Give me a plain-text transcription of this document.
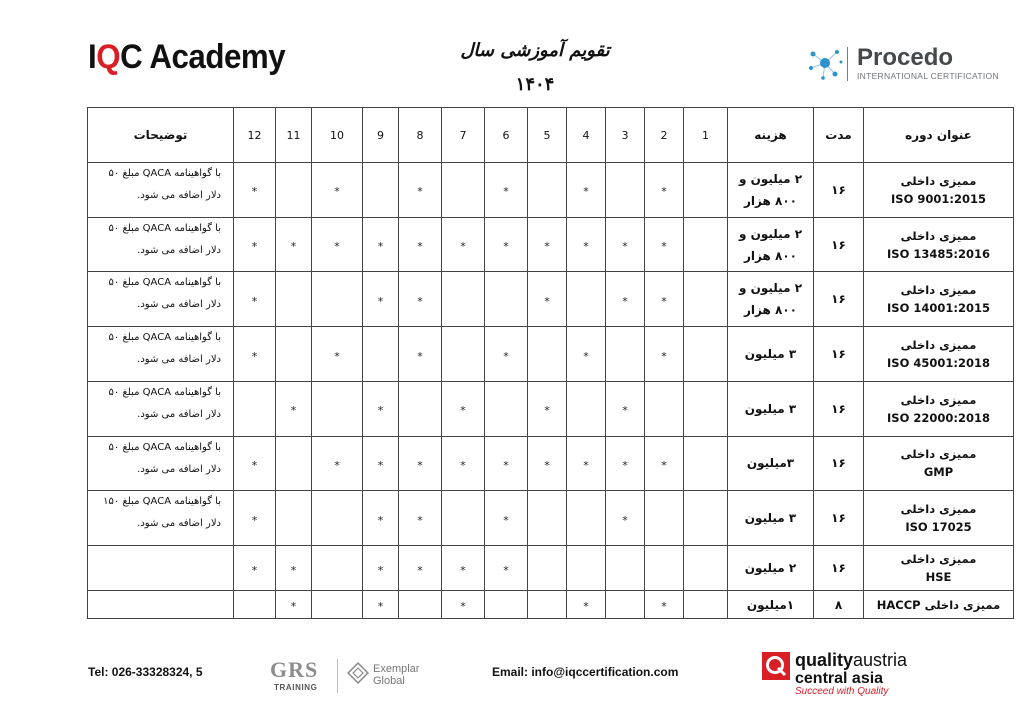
IQC Academy	تقویم آموزشی سال
۱۴۰۴
Procedo
INTERNATIONAL CERTIFICATION
توضیحات	12	11	10	9	8	7	6	5	4	3	2	1	هزینه	مدت	عنوان دوره

با گواهینامه QACA مبلغ ۵۰
دلار اضافه می شود.	*		*		*		*		*		*		۲ میلیون و
۸۰۰ هزار	۱۶	ممیزی داخلی
ISO 9001:2015

با گواهینامه QACA مبلغ ۵۰
دلار اضافه می شود.	*	*	*	*	*	*	*	*	*	*	*		۲ میلیون و
۸۰۰ هزار	۱۶	ممیزی داخلی
ISO 13485:2016

با گواهینامه QACA مبلغ ۵۰
دلار اضافه می شود.	*			*	*			*		*	*		۲ میلیون و
۸۰۰ هزار	۱۶	ممیزی داخلی
ISO 14001:2015

با گواهینامه QACA مبلغ ۵۰
دلار اضافه می شود.	*		*		*		*		*		*		۳ میلیون	۱۶	ممیزی داخلی
ISO 45001:2018

با گواهینامه QACA مبلغ ۵۰
دلار اضافه می شود.		*		*		*		*		*			۳ میلیون	۱۶	ممیزی داخلی
ISO 22000:2018

با گواهینامه QACA مبلغ ۵۰
دلار اضافه می شود.	*		*	*	*	*	*	*	*	*	*		۳میلیون	۱۶	ممیزی داخلی
GMP

با گواهینامه QACA مبلغ ۱۵۰
دلار اضافه می شود.	*			*	*		*			*			۳ میلیون	۱۶	ممیزی داخلی
ISO 17025

	*	*		*	*	*	*						۲ میلیون	۱۶	ممیزی داخلی
HSE

		*		*		*			*		*		۱میلیون	۸	ممیزی داخلی HACCP
Tel: 026-33328324, 5	GRS
TRAINING
Exemplar
Global
Email: info@iqccertification.com
qualityaustria
central asia
Succeed with Quality
